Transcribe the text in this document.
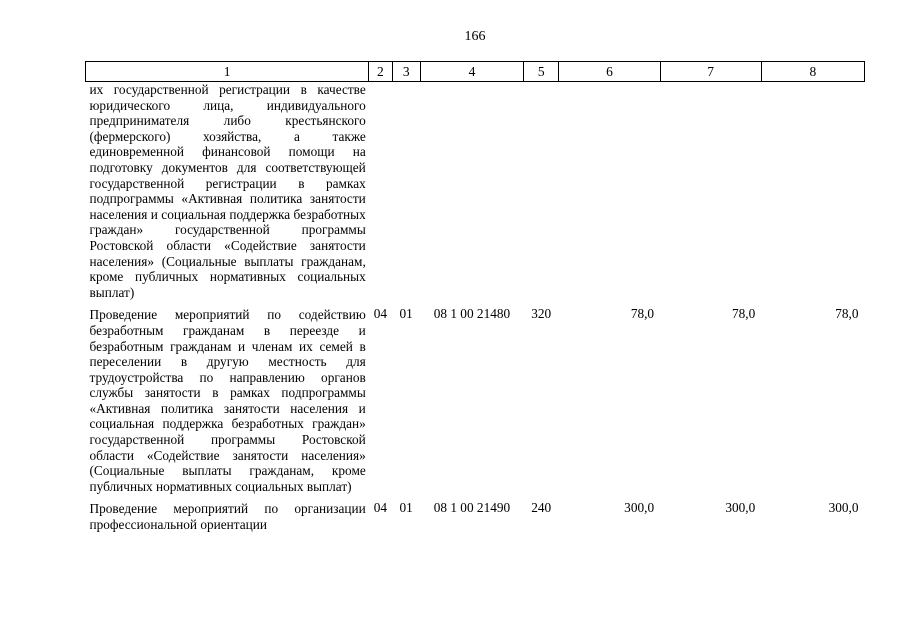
166
1	2	3	4	5	6	7	8
их государственной регистрации в качестве юридического лица, индивидуального предпринимателя либо крестьянского (фермерского) хозяйства, а также единовременной финансовой помощи на подготовку документов для соответствующей государственной регистрации в рамках подпрограммы «Активная политика занятости населения и социальная поддержка безработных граждан» государственной программы Ростовской области «Содействие занятости населения» (Социальные выплаты гражданам, кроме публичных нормативных социальных выплат)							
Проведение мероприятий по содействию безработным гражданам в переезде и безработным гражданам и членам их семей в переселении в другую местность для трудоустройства по направлению органов службы занятости в рамках подпрограммы «Активная политика занятости населения и социальная поддержка безработных граждан» государственной программы Ростовской области «Содействие занятости населения» (Социальные выплаты гражданам, кроме публичных нормативных социальных выплат)	04	01	08 1 00 21480	320	78,0	78,0	78,0
Проведение мероприятий по организации профессиональной ориентации	04	01	08 1 00 21490	240	300,0	300,0	300,0
